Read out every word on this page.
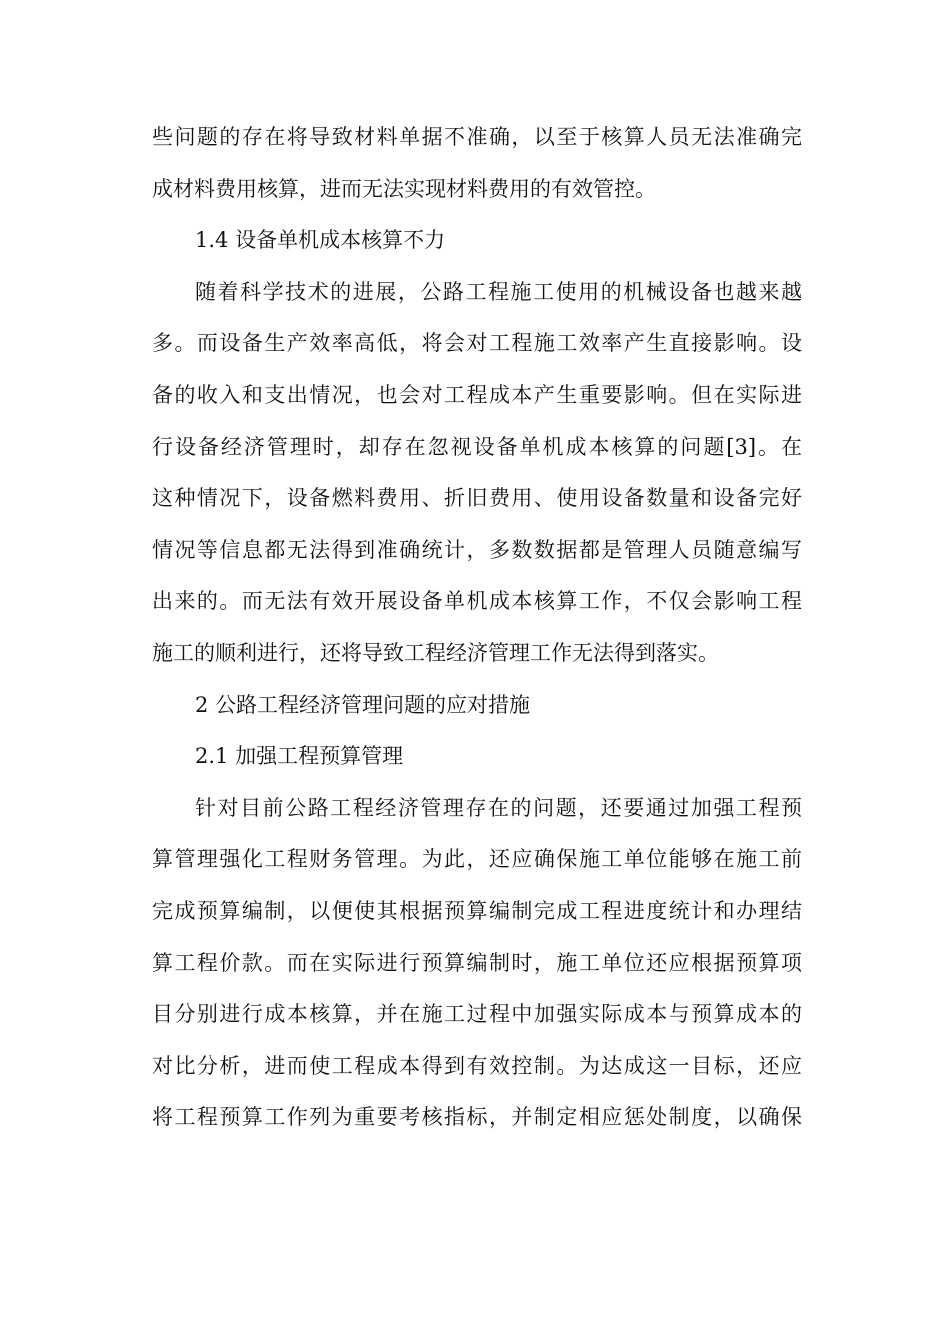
些问题的存在将导致材料单据不准确，以至于核算人员无法准确完
成材料费用核算，进而无法实现材料费用的有效管控。
1.4 设备单机成本核算不力
随着科学技术的进展，公路工程施工使用的机械设备也越来越
多。而设备生产效率高低，将会对工程施工效率产生直接影响。设
备的收入和支出情况，也会对工程成本产生重要影响。但在实际进
行设备经济管理时，却存在忽视设备单机成本核算的问题[3]。在
这种情况下，设备燃料费用、折旧费用、使用设备数量和设备完好
情况等信息都无法得到准确统计，多数数据都是管理人员随意编写
出来的。而无法有效开展设备单机成本核算工作，不仅会影响工程
施工的顺利进行，还将导致工程经济管理工作无法得到落实。
2 公路工程经济管理问题的应对措施
2.1 加强工程预算管理
针对目前公路工程经济管理存在的问题，还要通过加强工程预
算管理强化工程财务管理。为此，还应确保施工单位能够在施工前
完成预算编制，以便使其根据预算编制完成工程进度统计和办理结
算工程价款。而在实际进行预算编制时，施工单位还应根据预算项
目分别进行成本核算，并在施工过程中加强实际成本与预算成本的
对比分析，进而使工程成本得到有效控制。为达成这一目标，还应
将工程预算工作列为重要考核指标，并制定相应惩处制度，以确保
